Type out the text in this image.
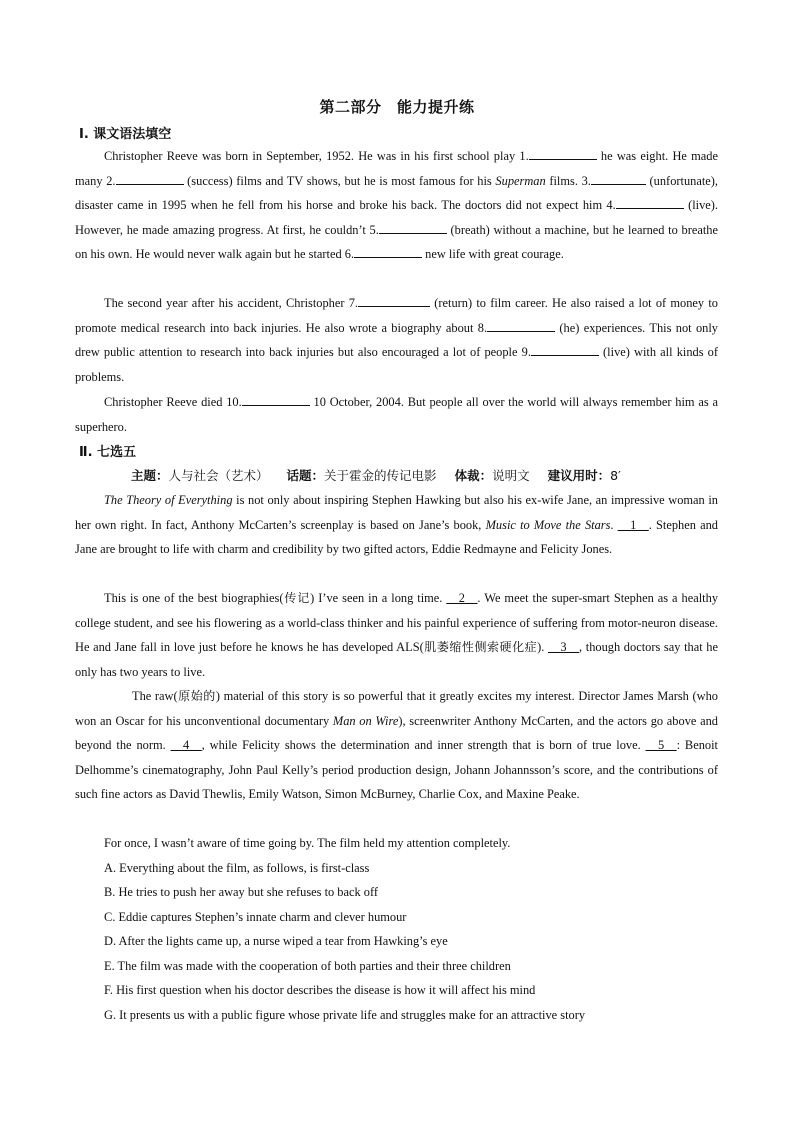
第二部分　能力提升练
Ⅰ. 课文语法填空
Christopher Reeve was born in September, 1952. He was in his first school play 1.	he was eight. He made many 2.	(success) films and TV shows, but he is most famous for his Superman films. 3.	(unfortunate), disaster came in 1995 when he fell from his horse and broke his back. The doctors did not expect him 4.	(live). However, he made amazing progress. At first, he couldn’t 5.	(breath) without a machine, but he learned to breathe on his own. He would never walk again but he started 6.	new life with great courage.
The second year after his accident, Christopher 7.	(return) to film career. He also raised a lot of money to promote medical research into back injuries. He also wrote a biography about 8.	(he) experiences. This not only drew public attention to research into back injuries but also encouraged a lot of people 9.	(live) with all kinds of problems.
Christopher Reeve died 10.	10 October, 2004. But people all over the world will always remember him as a superhero.
Ⅱ. 七选五
主题：人与社会（艺术） 话题：关于霍金的传记电影 体裁：说明文 建议用时：8′
The Theory of Everything is not only about inspiring Stephen Hawking but also his ex-wife Jane, an impressive woman in her own right. In fact, Anthony McCarten’s screenplay is based on Jane’s book, Music to Move the Stars. __1__. Stephen and Jane are brought to life with charm and credibility by two gifted actors, Eddie Redmayne and Felicity Jones.
This is one of the best biographies(传记) I’ve seen in a long time. __2__. We meet the super-smart Stephen as a healthy college student, and see his flowering as a world-class thinker and his painful experience of suffering from motor-neuron disease. He and Jane fall in love just before he knows he has developed ALS(肌萎缩性侧索硬化症). __3__, though doctors say that he only has two years to live.
The raw(原始的) material of this story is so powerful that it greatly excites my interest. Director James Marsh (who won an Oscar for his unconventional documentary Man on Wire), screenwriter Anthony McCarten, and the actors go above and beyond the norm. __4__, while Felicity shows the determination and inner strength that is born of true love. __5__: Benoit Delhomme’s cinematography, John Paul Kelly’s period production design, Johann Johannsson’s score, and the contributions of such fine actors as David Thewlis, Emily Watson, Simon McBurney, Charlie Cox, and Maxine Peake.
For once, I wasn’t aware of time going by. The film held my attention completely.
A. Everything about the film, as follows, is first-class
B. He tries to push her away but she refuses to back off
C. Eddie captures Stephen’s innate charm and clever humour
D. After the lights came up, a nurse wiped a tear from Hawking’s eye
E. The film was made with the cooperation of both parties and their three children
F. His first question when his doctor describes the disease is how it will affect his mind
G. It presents us with a public figure whose private life and struggles make for an attractive story
